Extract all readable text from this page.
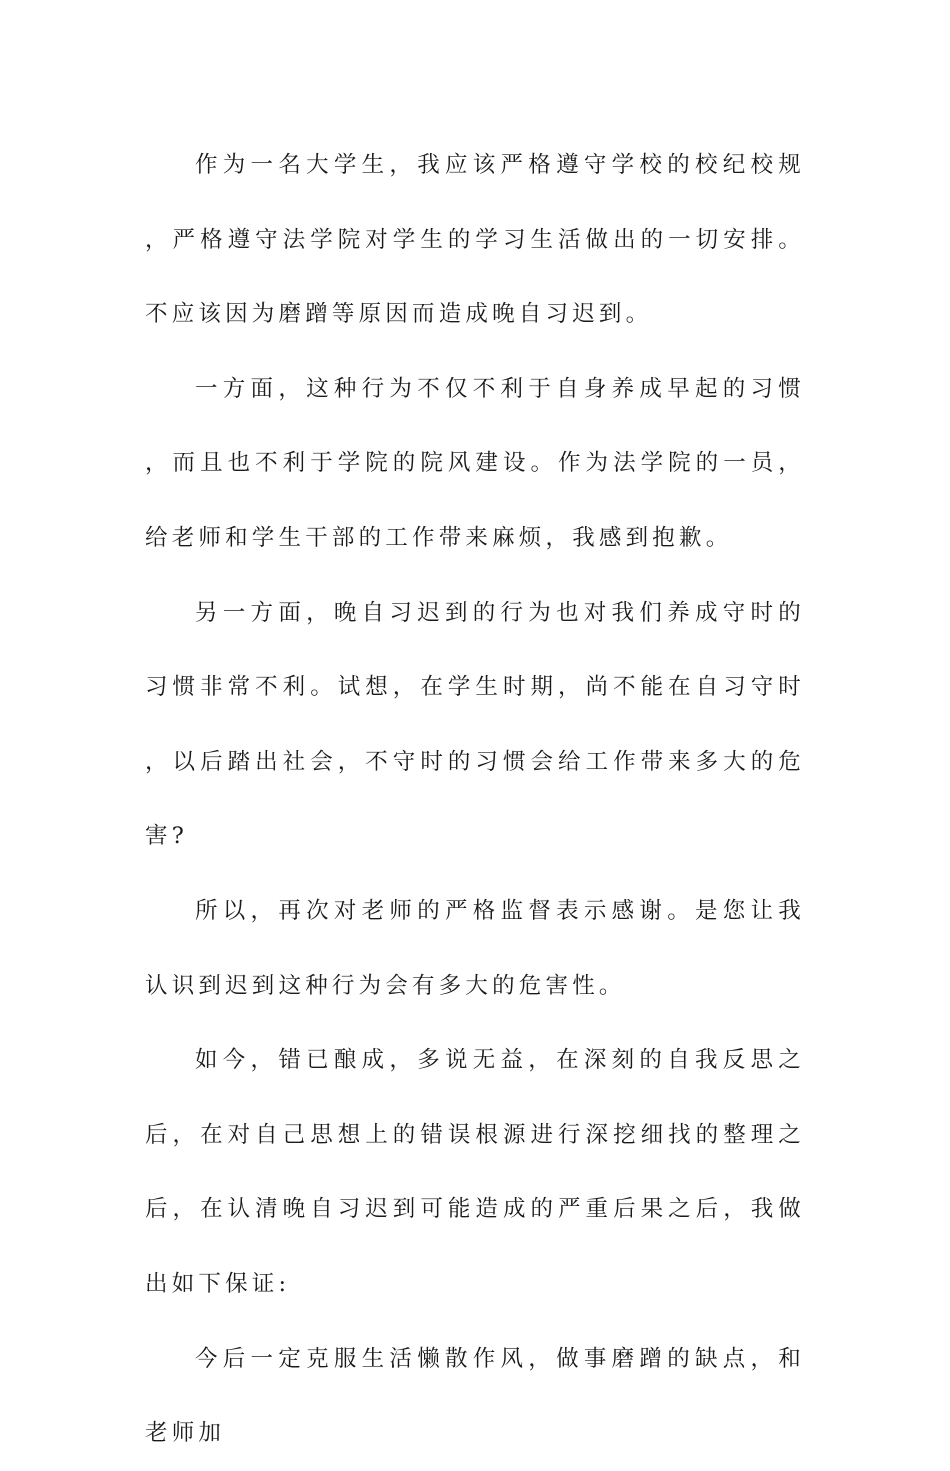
作为一名大学生，我应该严格遵守学校的校纪校规，严格遵守法学院对学生的学习生活做出的一切安排。不应该因为磨蹭等原因而造成晚自习迟到。

一方面，这种行为不仅不利于自身养成早起的习惯，而且也不利于学院的院风建设。作为法学院的一员，给老师和学生干部的工作带来麻烦，我感到抱歉。

另一方面，晚自习迟到的行为也对我们养成守时的习惯非常不利。试想，在学生时期，尚不能在自习守时，以后踏出社会，不守时的习惯会给工作带来多大的危害?

所以，再次对老师的严格监督表示感谢。是您让我认识到迟到这种行为会有多大的危害性。

如今，错已酿成，多说无益，在深刻的自我反思之后，在对自己思想上的错误根源进行深挖细找的整理之后，在认清晚自习迟到可能造成的严重后果之后，我做出如下保证:

今后一定克服生活懒散作风，做事磨蹭的缺点，和老师加
